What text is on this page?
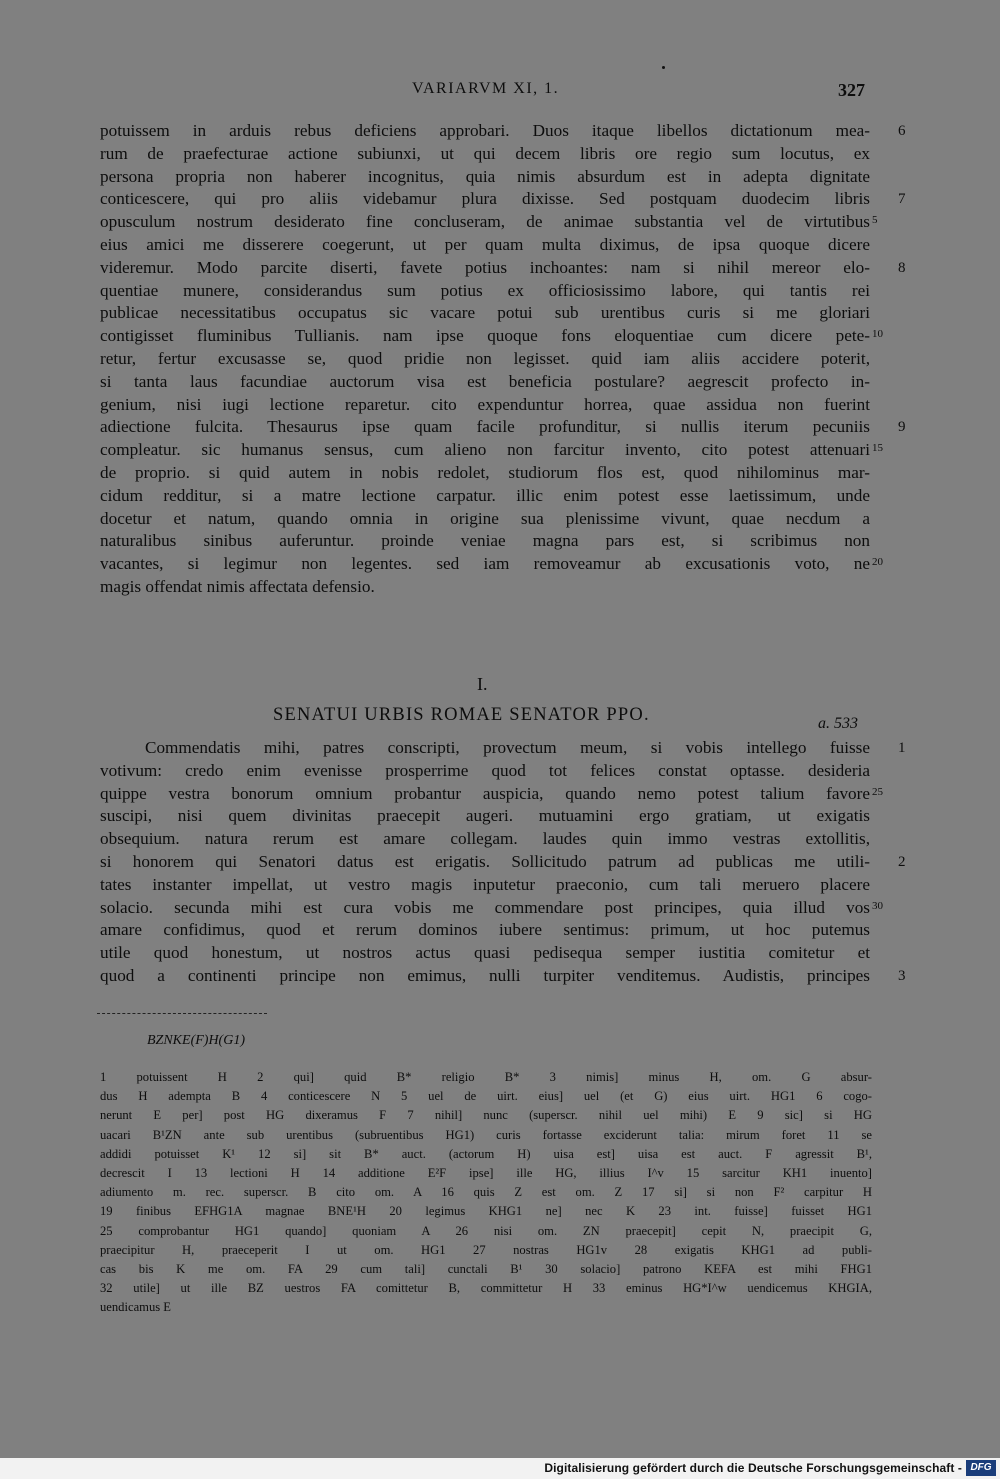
VARIARVM XI, 1.	327
potuissem in arduis rebus deficiens approbari. Duos itaque libellos dictationum mea- 6
rum de praefecturae actione subiunxi, ut qui decem libris ore regio sum locutus, ex
persona propria non haberer incognitus, quia nimis absurdum est in adepta dignitate
conticescere, qui pro aliis videbamur plura dixisse. Sed postquam duodecim libris 7
opusculum nostrum desiderato fine concluseram, de animae substantia vel de virtutibus 5
eius amici me disserere coegerunt, ut per quam multa diximus, de ipsa quoque dicere
videremur. Modo parcite diserti, favete potius inchoantes: nam si nihil mereor elo- 8
quentiae munere, considerandus sum potius ex officiosissimo labore, qui tantis rei
publicae necessitatibus occupatus sic vacare potui sub urentibus curis si me gloriari
contigisset fluminibus Tullianis. nam ipse quoque fons eloquentiae cum dicere pete- 10
retur, fertur excusasse se, quod pridie non legisset. quid iam aliis accidere poterit,
si tanta laus facundiae auctorum visa est beneficia postulare? aegrescit profecto in-
genium, nisi iugi lectione reparetur. cito expenduntur horrea, quae assidua non fuerint
adiectione fulcita. Thesaurus ipse quam facile profunditur, si nullis iterum pecuniis 9
compleatur. sic humanus sensus, cum alieno non farcitur invento, cito potest attenuari 15
de proprio. si quid autem in nobis redolet, studiorum flos est, quod nihilominus mar-
cidum redditur, si a matre lectione carpatur. illic enim potest esse laetissimum, unde
docetur et natum, quando omnia in origine sua plenissime vivunt, quae necdum a
naturalibus sinibus auferuntur. proinde veniae magna pars est, si scribimus non
vacantes, si legimur non legentes. sed iam removeamur ab excusationis voto, ne 20
magis offendat nimis affectata defensio.
I.
SENATUI URBIS ROMAE SENATOR PPO.	a. 533
Commendatis mihi, patres conscripti, provectum meum, si vobis intellego fuisse 1
votivum: credo enim evenisse prosperrime quod tot felices constat optasse. desideria
quippe vestra bonorum omnium probantur auspicia, quando nemo potest talium favore 25
suscipi, nisi quem divinitas praecepit augeri. mutuamini ergo gratiam, ut exigatis
obsequium. natura rerum est amare collegam. laudes quin immo vestras extollitis,
si honorem qui Senatori datus est erigatis. Sollicitudo patrum ad publicas me utili- 2
tates instanter impellat, ut vestro magis inputetur praeconio, cum tali meruero placere
solacio. secunda mihi est cura vobis me commendare post principes, quia illud vos 30
amare confidimus, quod et rerum dominos iubere sentimus: primum, ut hoc putemus
utile quod honestum, ut nostros actus quasi pedisequa semper iustitia comitetur et
quod a continenti principe non emimus, nulli turpiter venditemus. Audistis, principes 3
BZNKE(F)H(G1)
1 potuissent H 2 qui] quid B* religio B* 3 nimis] minus H, om. G absur-
dus H adempta B 4 conticescere N 5 uel de uirt. eius] uel (et G) eius uirt. HG1 6 cogo-
nerunt E per] post HG dixeramus F 7 nihil] nunc (superscr. nihil uel mihi) E 9 sic] si HG
uacari B¹ZN ante sub urentibus (subruentibus HG1) curis fortasse exciderunt talia: mirum foret 11 se
addidi potuisset K¹ 12 si] sit B* auct. (actorum H) uisa est] uisa est auct. F agressit B¹,
decrescit I 13 lectioni H 14 additione E²F ipse] ille HG, illius I^v 15 sarcitur KH1 inuento]
adiumento m. rec. superscr. B cito om. A 16 quis Z est om. Z 17 si] si non F² carpitur H
19 finibus EFHG1A magnae BNE¹H 20 legimus KHG1 ne] nec K 23 int. fuisse] fuisset HG1
25 comprobantur HG1 quando] quoniam A 26 nisi om. ZN praecepit] cepit N, praecipit G,
praecipitur H, praeceperit I ut om. HG1 27 nostras HG1v 28 exigatis KHG1 ad publi-
cas bis K me om. FA 29 cum tali] cunctali B¹ 30 solacio] patrono KEFA est mihi FHG1
32 utile] ut ille BZ uestros FA comittetur B, committetur H 33 eminus HG*I^w uendicemus KHGIA,
uendicamus E
Digitalisierung gefördert durch die Deutsche Forschungsgemeinschaft - DFG
